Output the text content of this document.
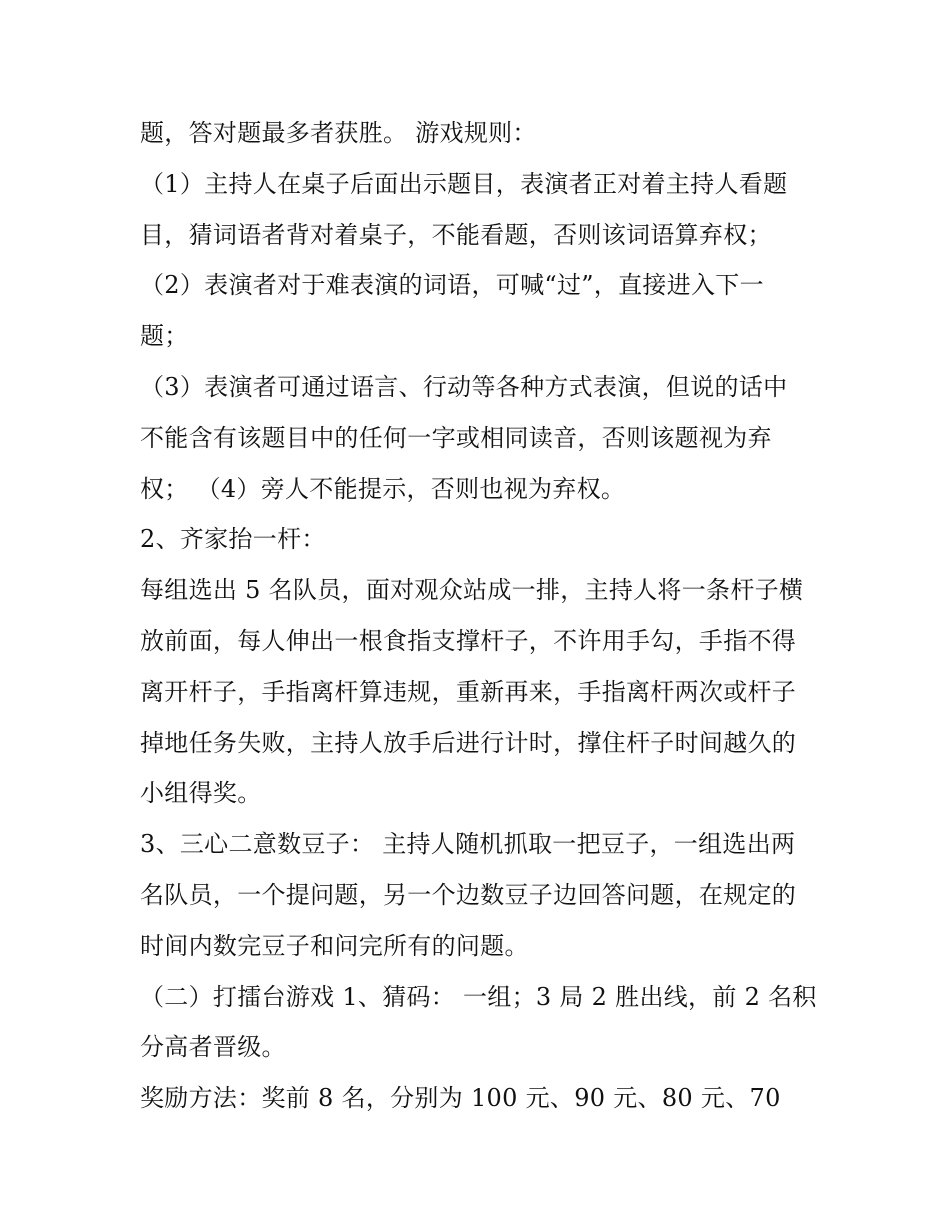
题，答对题最多者获胜。 游戏规则：
（1）主持人在桌子后面出示题目，表演者正对着主持人看题
目，猜词语者背对着桌子，不能看题，否则该词语算弃权；
（2）表演者对于难表演的词语，可喊“过”，直接进入下一
题；
（3）表演者可通过语言、行动等各种方式表演，但说的话中
不能含有该题目中的任何一字或相同读音，否则该题视为弃
权； （4）旁人不能提示，否则也视为弃权。
2、齐家抬一杆：
每组选出 5 名队员，面对观众站成一排，主持人将一条杆子横
放前面，每人伸出一根食指支撑杆子，不许用手勾，手指不得
离开杆子，手指离杆算违规，重新再来，手指离杆两次或杆子
掉地任务失败，主持人放手后进行计时，撑住杆子时间越久的
小组得奖。
3、三心二意数豆子： 主持人随机抓取一把豆子，一组选出两
名队员，一个提问题，另一个边数豆子边回答问题，在规定的
时间内数完豆子和问完所有的问题。
（二）打擂台游戏 1、猜码： 一组；3 局 2 胜出线，前 2 名积
分高者晋级。
奖励方法：奖前 8 名，分别为 100 元、90 元、80 元、70
